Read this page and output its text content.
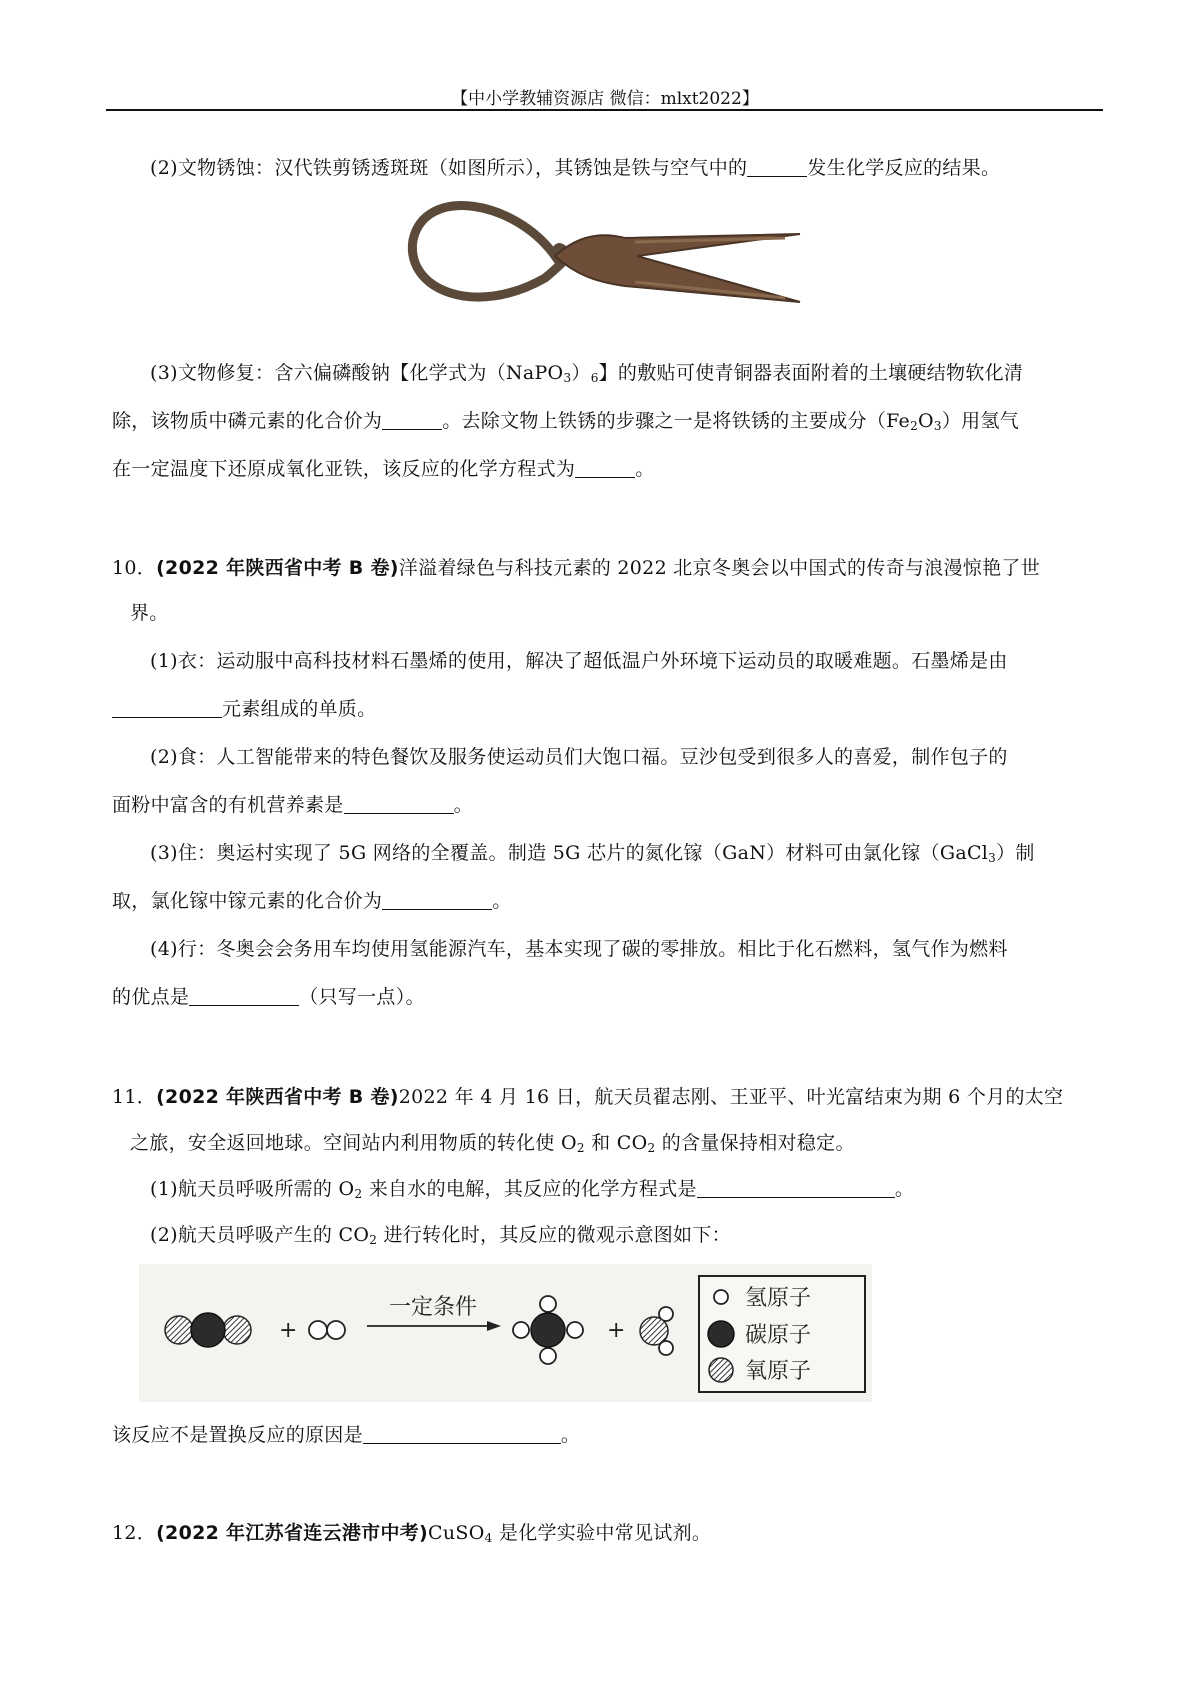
【中小学教辅资源店 微信：mlxt2022】
(2)文物锈蚀：汉代铁剪锈透斑斑（如图所示），其锈蚀是铁与空气中的	发生化学反应的结果。
(3)文物修复：含六偏磷酸钠【化学式为$(NaPO_3)_6$】的敷贴可使青铜器表面附着的土壤硬结物软化清
除，该物质中磷元素的化合价为	。去除文物上铁锈的步骤之一是将铁锈的主要成分$(Fe_2O_3)$用氢气
在一定温度下还原成氧化亚铁，该反应的化学方程式为	。
10．(2022 年陕西省中考 B 卷)洋溢着绿色与科技元素的 2022 北京冬奥会以中国式的传奇与浪漫惊艳了世
界。
(1)衣：运动服中高科技材料石墨烯的使用，解决了超低温户外环境下运动员的取暖难题。石墨烯是由
元素组成的单质。
(2)食：人工智能带来的特色餐饮及服务使运动员们大饱口福。豆沙包受到很多人的喜爱，制作包子的
面粉中富含的有机营养素是	。
(3)住：奥运村实现了 5G 网络的全覆盖。制造 5G 芯片的氮化镓（GaN）材料可由氯化镓（GaCl$_3$）制
取，氯化镓中镓元素的化合价为	。
(4)行：冬奥会会务用车均使用氢能源汽车，基本实现了碳的零排放。相比于化石燃料，氢气作为燃料
的优点是	（只写一点）。
11．(2022 年陕西省中考 B 卷)2022 年 4 月 16 日，航天员翟志刚、王亚平、叶光富结束为期 6 个月的太空
之旅，安全返回地球。空间站内利用物质的转化使 $O_2$ 和 $CO_2$ 的含量保持相对稳定。
(1)航天员呼吸所需的 $O_2$ 来自水的电解，其反应的化学方程式是	。
(2)航天员呼吸产生的 $CO_2$ 进行转化时，其反应的微观示意图如下：
+
一定条件
+
氢原子
碳原子
氧原子
该反应不是置换反应的原因是	。
12．(2022 年江苏省连云港市中考)CuSO$_4$ 是化学实验中常见试剂。
